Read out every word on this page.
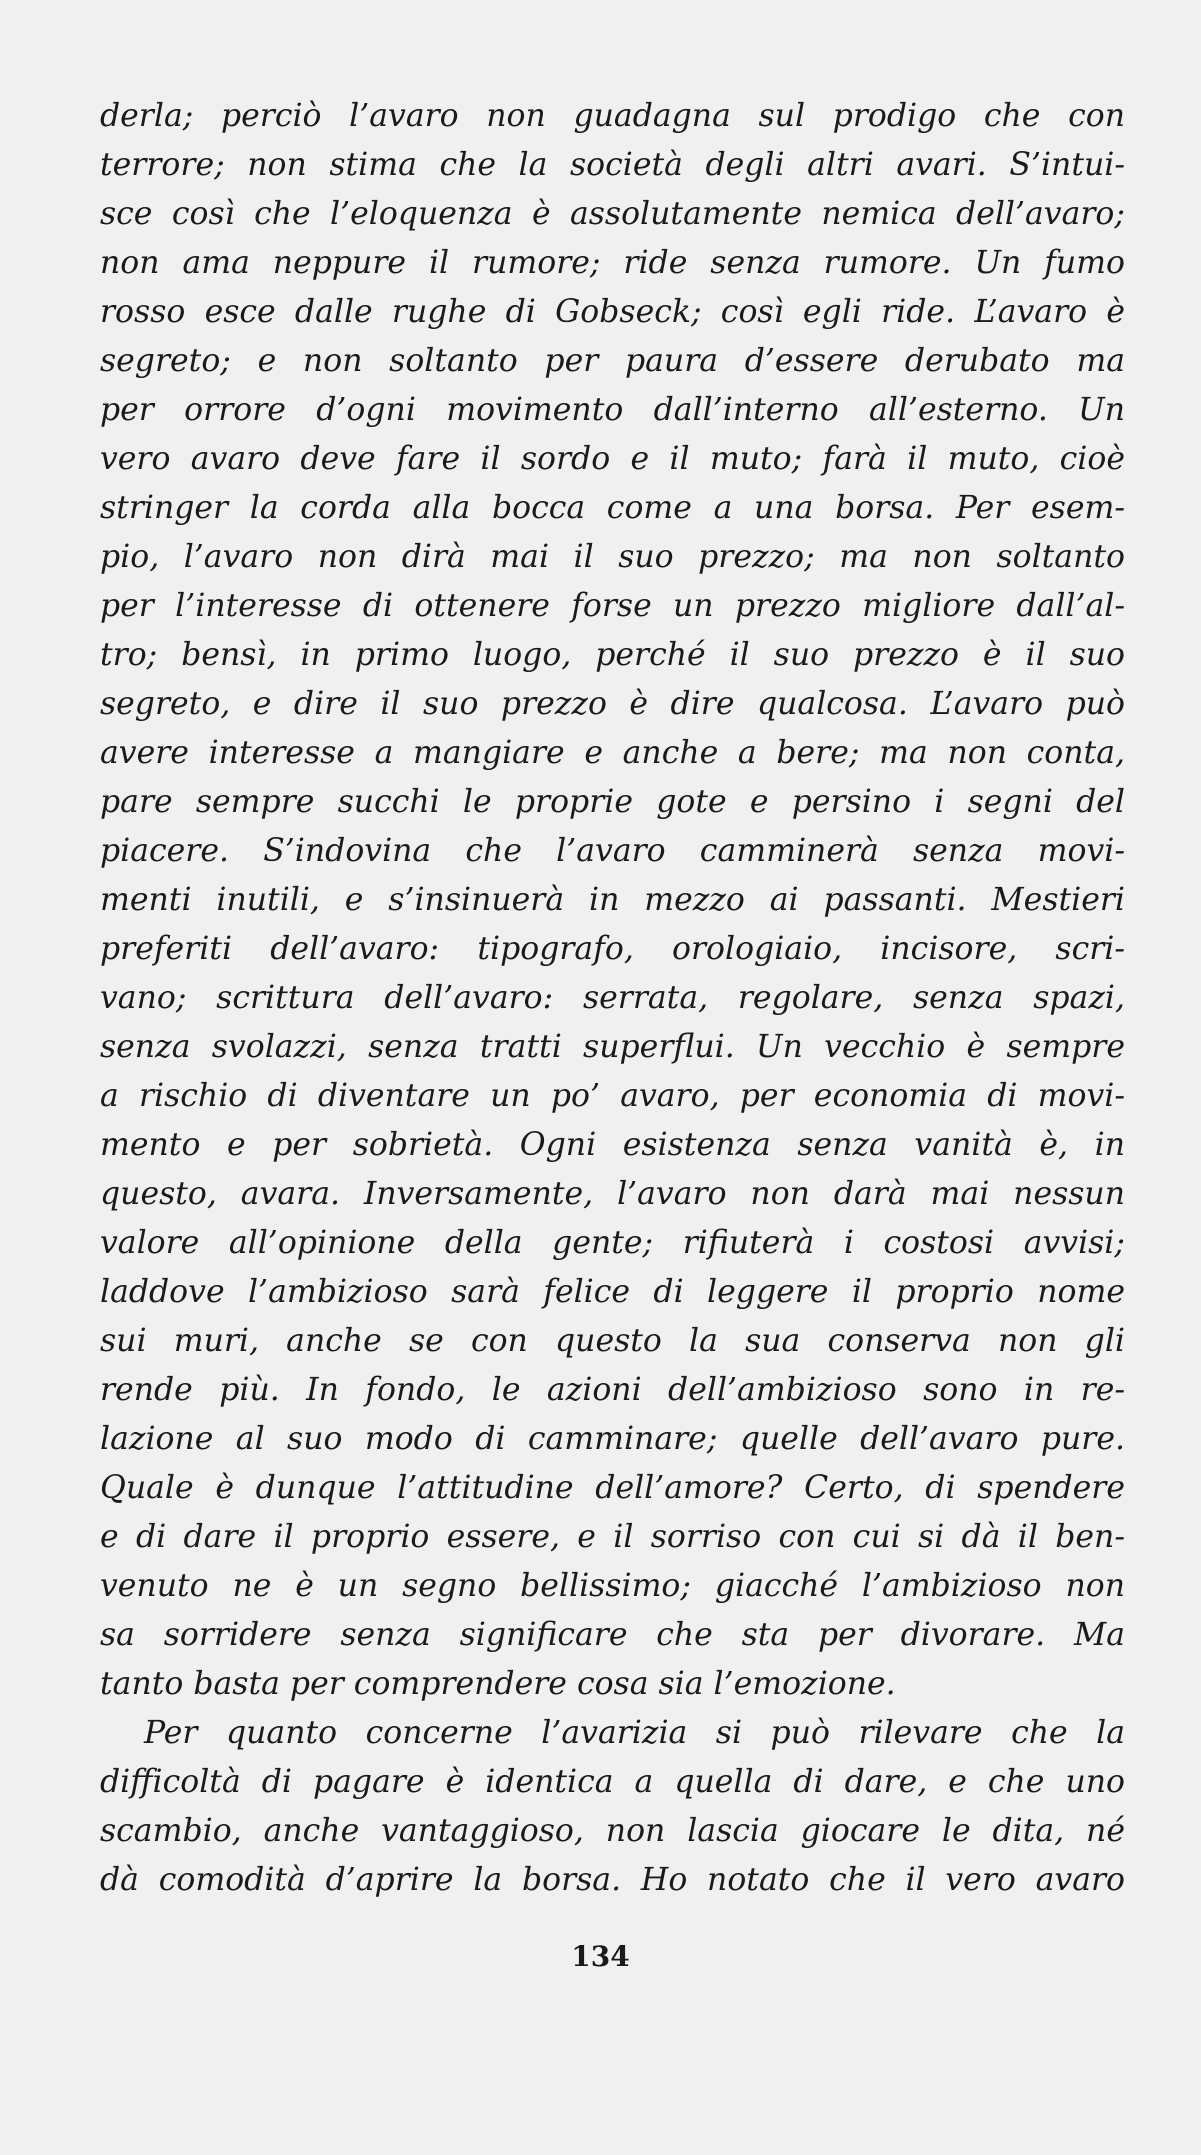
derla; perciò l’avaro non guadagna sul prodigo che con
terrore; non stima che la società degli altri avari. S’intui-
sce così che l’eloquenza è assolutamente nemica dell’avaro;
non ama neppure il rumore; ride senza rumore. Un fumo
rosso esce dalle rughe di Gobseck; così egli ride. L’avaro è
segreto; e non soltanto per paura d’essere derubato ma
per orrore d’ogni movimento dall’interno all’esterno. Un
vero avaro deve fare il sordo e il muto; farà il muto, cioè
stringer la corda alla bocca come a una borsa. Per esem-
pio, l’avaro non dirà mai il suo prezzo; ma non soltanto
per l’interesse di ottenere forse un prezzo migliore dall’al-
tro; bensì, in primo luogo, perché il suo prezzo è il suo
segreto, e dire il suo prezzo è dire qualcosa. L’avaro può
avere interesse a mangiare e anche a bere; ma non conta,
pare sempre succhi le proprie gote e persino i segni del
piacere. S’indovina che l’avaro camminerà senza movi-
menti inutili, e s’insinuerà in mezzo ai passanti. Mestieri
preferiti dell’avaro: tipografo, orologiaio, incisore, scri-
vano; scrittura dell’avaro: serrata, regolare, senza spazi,
senza svolazzi, senza tratti superflui. Un vecchio è sempre
a rischio di diventare un po’ avaro, per economia di movi-
mento e per sobrietà. Ogni esistenza senza vanità è, in
questo, avara. Inversamente, l’avaro non darà mai nessun
valore all’opinione della gente; rifiuterà i costosi avvisi;
laddove l’ambizioso sarà felice di leggere il proprio nome
sui muri, anche se con questo la sua conserva non gli
rende più. In fondo, le azioni dell’ambizioso sono in re-
lazione al suo modo di camminare; quelle dell’avaro pure.
Quale è dunque l’attitudine dell’amore? Certo, di spendere
e di dare il proprio essere, e il sorriso con cui si dà il ben-
venuto ne è un segno bellissimo; giacché l’ambizioso non
sa sorridere senza significare che sta per divorare. Ma
tanto basta per comprendere cosa sia l’emozione.
Per quanto concerne l’avarizia si può rilevare che la
difficoltà di pagare è identica a quella di dare, e che uno
scambio, anche vantaggioso, non lascia giocare le dita, né
dà comodità d’aprire la borsa. Ho notato che il vero avaro
134
